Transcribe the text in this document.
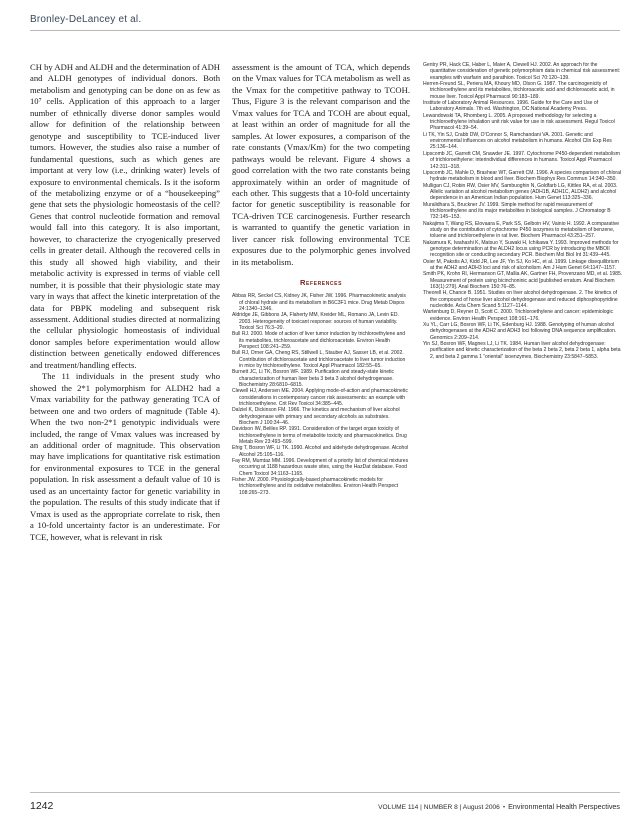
Bronley-DeLancey et al.

CH by ADH and ALDH and the determination of ADH and ALDH genotypes of individual donors. Both metabolism and genotyping can be done on as few as 10⁷ cells. Application of this approach to a larger number of ethnically diverse donor samples would allow for definition of the relationship between genotype and susceptibility to TCE-induced liver tumors. However, the studies also raise a number of fundamental questions, such as which genes are important at very low (i.e., drinking water) levels of exposure to environmental chemicals. Is it the isoform of the metabolizing enzyme or of a “housekeeping” gene that sets the physiologic homeostasis of the cell? Genes that control nucleotide formation and removal would fall into this category. It is also important, however, to characterize the cryogenically preserved cells in greater detail. Although the recovered cells in this study all showed high viability, and their metabolic activity is expressed in terms of viable cell number, it is possible that their physiologic state may vary in ways that affect the kinetic interpretation of the data for PBPK modeling and subsequent risk assessment. Additional studies directed at normalizing the cellular physiologic homeostasis of individual donor samples before experimentation would allow distinction between genetically endowed differences and treatment/handling effects.

The 11 individuals in the present study who showed the 2*1 polymorphism for ALDH2 had a Vmax variability for the pathway generating TCA of between one and two orders of magnitude (Table 4). When the two non-2*1 genotypic individuals were included, the range of Vmax values was increased by an additional order of magnitude. This observation may have implications for quantitative risk estimation for environmental exposures to TCE in the general population. In risk assessment a default value of 10 is used as an uncertainty factor for genetic variability in the population. The results of this study indicate that if Vmax is used as the appropriate correlate to risk, then a 10-fold uncertainty factor is an underestimate. For TCE, however, what is relevant in risk

assessment is the amount of TCA, which depends on the Vmax values for TCA metabolism as well as the Vmax for the competitive pathway to TCOH. Thus, Figure 3 is the relevant comparison and the Vmax values for TCA and TCOH are about equal, at least within an order of magnitude for all the samples. At lower exposures, a comparison of the rate constants (Vmax/Km) for the two competing pathways would be relevant. Figure 4 shows a good correlation with the two rate constants being approximately within an order of magnitude of each other. This suggests that a 10-fold uncertainty factor for genetic susceptibility is reasonable for TCA-driven TCE carcinogenesis. Further research is warranted to quantify the genetic variation in liver cancer risk following environmental TCE exposures due to the polymorphic genes involved in its metabolism.

References

Abbas RR, Seckel CS, Kidney JK, Fisher JW. 1996. Pharmacokinetic analysis of chloral hydrate and its metabolism in B6C3F1 mice. Drug Metab Dispos 24:1340–1346.

Aldridge JE, Gibbons JA, Flaherty MM, Kreider ML, Romano JA, Levin ED. 2003. Heterogeneity of toxicant response: sources of human variability. Toxicol Sci 76:3–20.

Bull RJ. 2000. Mode of action of liver tumor induction by trichloroethylene and its metabolites, trichloroacetate and dichloroacetate. Environ Health Perspect 108:241–259.

Bull RJ, Orner GA, Cheng RS, Stillwell L, Stauber AJ, Sasser LB, et al. 2002. Contribution of dichloroacetate and trichloroacetate to liver tumor induction in mice by trichloroethylene. Toxicol Appl Pharmacol 182:55–65.

Burnett JC, Li TK, Bosron WF. 1989. Purification and steady-state kinetic characterization of human liver beta 3 beta 3 alcohol dehydrogenase. Biochemistry 28:6810–6815.

Clewell HJ, Andersen ME. 2004. Applying mode-of-action and pharmacokinetic considerations in contemporary cancer risk assessments: an example with trichloroethylene. Crit Rev Toxicol 34:385–445.

Dalziel K, Dickinson FM. 1966. The kinetics and mechanism of liver alcohol dehydrogenase with primary and secondary alcohols as substrates. Biochem J 100:34–46.

Davidson IW, Beliles RP. 1991. Consideration of the target organ toxicity of trichloroethylene in terms of metabolite toxicity and pharmacokinetics. Drug Metab Rev 23:493–599.

Efrig T, Bosron WF, Li TK. 1990. Alcohol and aldehyde dehydrogenase. Alcohol Alcohol 25:105–116.

Fay RM, Mumtaz MM. 1996. Development of a priority list of chemical mixtures occurring at 1188 hazardous waste sites, using the HazDat database. Food Chem Toxicol 34:1163–1165.

Fisher JW. 2000. Physiologically-based pharmacokinetic models for trichloroethylene and its oxidative metabolites. Environ Health Perspect 108:265–273.

Gentry PR, Hack CE, Haber L, Maier A, Clewell HJ. 2002. An approach for the quantitative consideration of genetic polymorphism data in chemical risk assessment: examples with warfarin and parathion. Toxicol Sci 70:120–139.

Herren-Freund SL, Periera MA, Khoury MD, Olson G. 1987. The carcinogenicity of trichloroethylene and its metabolites, trichloroacetic acid and dichloroacetic acid, in mouse liver. Toxicol Appl Pharmacol 90:183–189.

Institute of Laboratory Animal Resources. 1996. Guide for the Care and Use of Laboratory Animals. 7th ed. Washington, DC:National Academy Press.

Lewandowski TA, Rhomberg L. 2005. A proposed methodology for selecting a trichloroethylene inhalation unit risk value for use in risk assessment. Regul Toxicol Pharmacol 41:39–54.

Li TK, Yin SJ, Crabb DW, O'Connor S, Ramchandani VA. 2001. Genetic and environmental influences on alcohol metabolism in humans. Alcohol Clin Exp Res 25:136–144.

Lipscomb JC, Garrett CM, Snawder JE. 1997. Cytochrome P450-dependent metabolism of trichloroethylene: interindividual differences in humans. Toxicol Appl Pharmacol 142:311–318.

Lipscomb JC, Mahle D, Brashear WT, Garrett CM. 1996. A species comparison of chloral hydrate metabolism in blood and liver. Biochem Biophys Res Commun 14:340–350.

Mulligan CJ, Robin RW, Osier MV, Sambuoghin N, Goldfarb LG, Kittles RA, et al. 2003. Allelic variation at alcohol metabolism genes (ADH1B, ADH1C, ALDH2) and alcohol dependence in an American Indian population. Hum Genet 113:325–336.

Muralidhara S, Bruckner JV. 1999. Simple method for rapid measurement of trichloroethylene and its major metabolites in biological samples. J Chromatogr B 732:145–153.

Nakajima T, Wang RS, Elovaara E, Park SS, Gelboin HV, Vainio H. 1992. A comparative study on the contribution of cytochrome P450 isozymes to metabolism of benzene, toluene and trichloroethylene in rat liver. Biochem Pharmacol 43:251–257.

Nakamura K, Iwahashi K, Matsuo Y, Suwaki H, Ichikawa Y. 1993. Improved methods for genotype determination at the ALDH2 locus using PCR by introducing the MBOII recognition site or conducting secondary PCR. Biochem Mol Biol Int 31:439–445.

Osier M, Pakstis AJ, Kidd JR, Lee JF, Yin SJ, Ko HC, et al. 1999. Linkage disequilibrium at the ADH2 and ADH3 loci and risk of alcoholism. Am J Hum Genet 64:1147–1157.

Smith PK, Krohn RI, Hermanson GT, Mallia AK, Gartner FH, Provenzano MD, et al. 1985. Measurement of protein using bicinchoninic acid [published erratum. Anal Biochem 163(1):279]. Anal Biochem 150:76–85.

Theorell H, Chance B. 1951. Studies on liver alcohol dehydrogenase. 2. The kinetics of the compound of horse liver alcohol dehydrogenase and reduced diphosphopyridine nucleotide. Acta Chem Scand 5:1127–1144.

Wartenburg D, Reyner D, Scott C. 2000. Trichloroethylene and cancer: epidemiologic evidence. Environ Health Perspect 108:161–176.

Xu YL, Carr LG, Bosron WF, Li TK, Edenburg HJ. 1988. Genotyping of human alcohol dehydrogenases at the ADH2 and ADH3 loci following DNA sequence amplification. Genomics 2:209–214.

Yin SJ, Bosron WF, Magnes LJ, Li TK. 1984. Human liver alcohol dehydrogenase: purification and kinetic characterization of the beta 2 beta 2, beta 2 beta 1, alpha beta 2, and beta 2 gamma 1 “oriental” isoenzymes. Biochemistry 23:5847–5853.

1242	VOLUME 114 | NUMBER 8 | August 2006 • Environmental Health Perspectives
